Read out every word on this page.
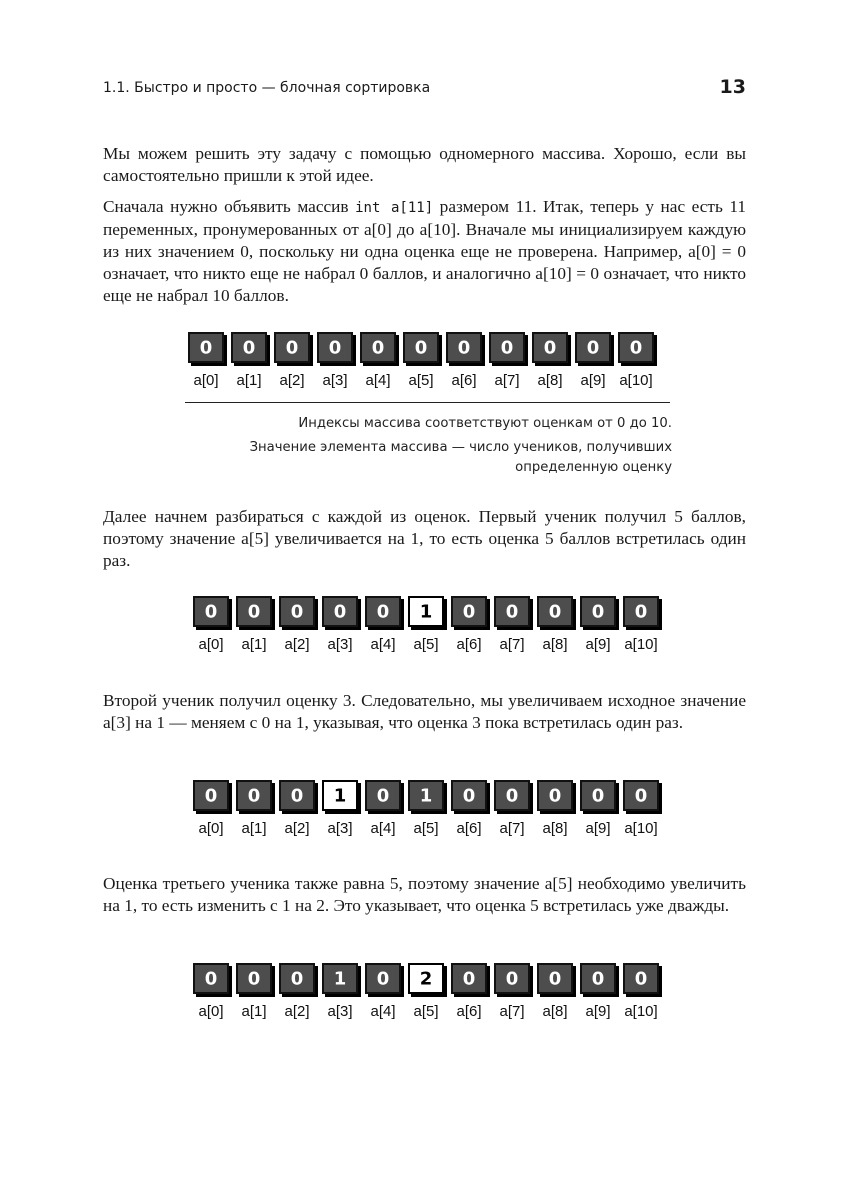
1.1. Быстро и просто — блочная сортировка	13

Мы можем решить эту задачу с помощью одномерного массива. Хорошо, если вы самостоятельно пришли к этой идее.

Сначала нужно объявить массив int a[11] размером 11. Итак, теперь у нас есть 11 переменных, пронумерованных от a[0] до a[10]. Вначале мы инициализируем каждую из них значением 0, поскольку ни одна оценка еще не проверена. Например, a[0] = 0 означает, что никто еще не набрал 0 баллов, и аналогично a[10] = 0 означает, что никто еще не набрал 10 баллов.

0
a[0]
0
a[1]
0
a[2]
0
a[3]
0
a[4]
0
a[5]
0
a[6]
0
a[7]
0
a[8]
0
a[9]
0
a[10]

Индексы массива соответствуют оценкам от 0 до 10.

Значение элемента массива — число учеников, получивших определенную оценку

Далее начнем разбираться с каждой из оценок. Первый ученик получил 5 баллов, поэтому значение a[5] увеличивается на 1, то есть оценка 5 баллов встретилась один раз.

0
a[0]
0
a[1]
0
a[2]
0
a[3]
0
a[4]
1
a[5]
0
a[6]
0
a[7]
0
a[8]
0
a[9]
0
a[10]

Второй ученик получил оценку 3. Следовательно, мы увеличиваем исходное значение a[3] на 1 — меняем с 0 на 1, указывая, что оценка 3 пока встретилась один раз.

0
a[0]
0
a[1]
0
a[2]
1
a[3]
0
a[4]
1
a[5]
0
a[6]
0
a[7]
0
a[8]
0
a[9]
0
a[10]

Оценка третьего ученика также равна 5, поэтому значение a[5] необходимо увеличить на 1, то есть изменить с 1 на 2. Это указывает, что оценка 5 встретилась уже дважды.

0
a[0]
0
a[1]
0
a[2]
1
a[3]
0
a[4]
2
a[5]
0
a[6]
0
a[7]
0
a[8]
0
a[9]
0
a[10]
